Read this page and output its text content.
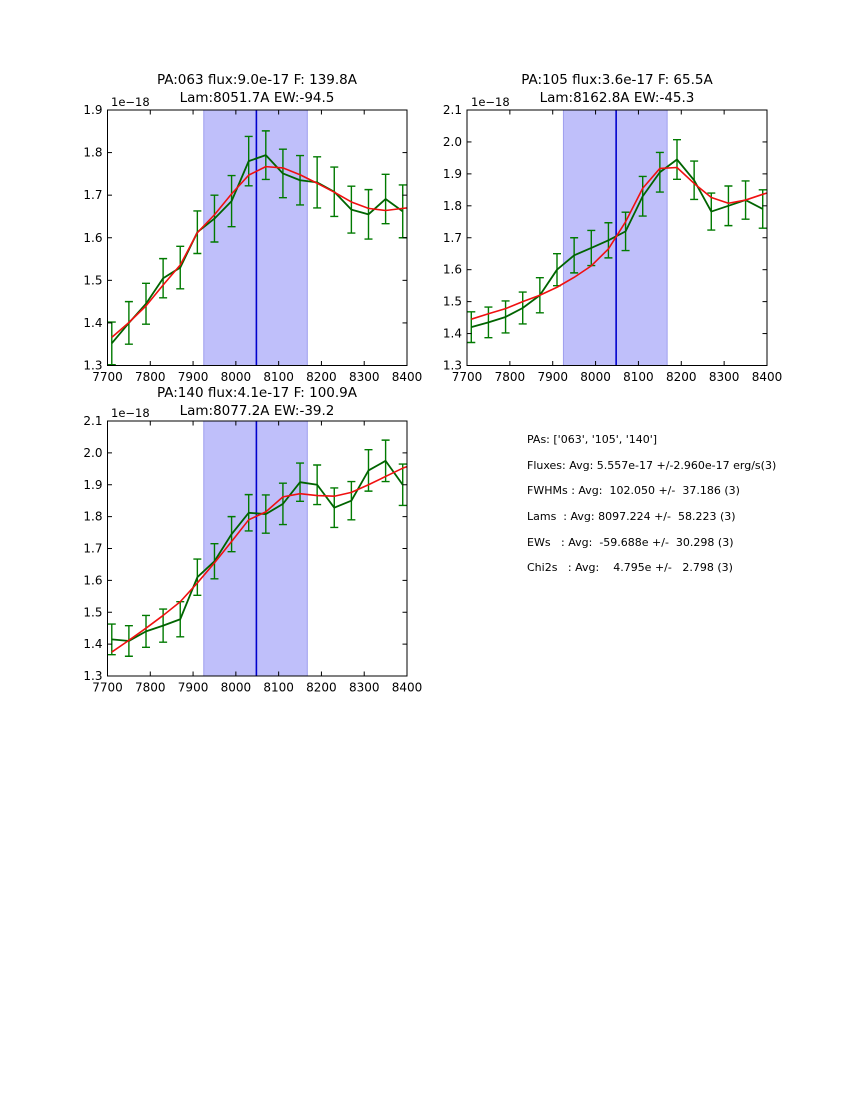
7700 7800 7900 8000 8100 8200 8300 8400
1.3
1.4
1.5
1.6
1.7
1.8
1.9
7700 7800 7900 8000 8100 8200 8300 8400
1.3
1.4
1.5
1.6
1.7
1.8
1.9
2.0
2.1
7700 7800 7900 8000 8100 8200 8300 8400
1.3
1.4
1.5
1.6
1.7
1.8
1.9
2.0
2.1
PA:063 flux:9.0e-17 F: 139.8A
Lam:8051.7A EW:-94.5
PA:105 flux:3.6e-17 F: 65.5A
Lam:8162.8A EW:-45.3
PA:140 flux:4.1e-17 F: 100.9A
Lam:8077.2A EW:-39.2
1e−18	1e−18
1e−18
PAs: ['063', '105', '140']
Fluxes: Avg: 5.557e-17 +/-2.960e-17 erg/s(3)
FWHMs : Avg:  102.050 +/-  37.186 (3)
Lams  : Avg: 8097.224 +/-  58.223 (3)
EWs   : Avg:  -59.688e +/-  30.298 (3)
Chi2s   : Avg:    4.795e +/-   2.798 (3)
